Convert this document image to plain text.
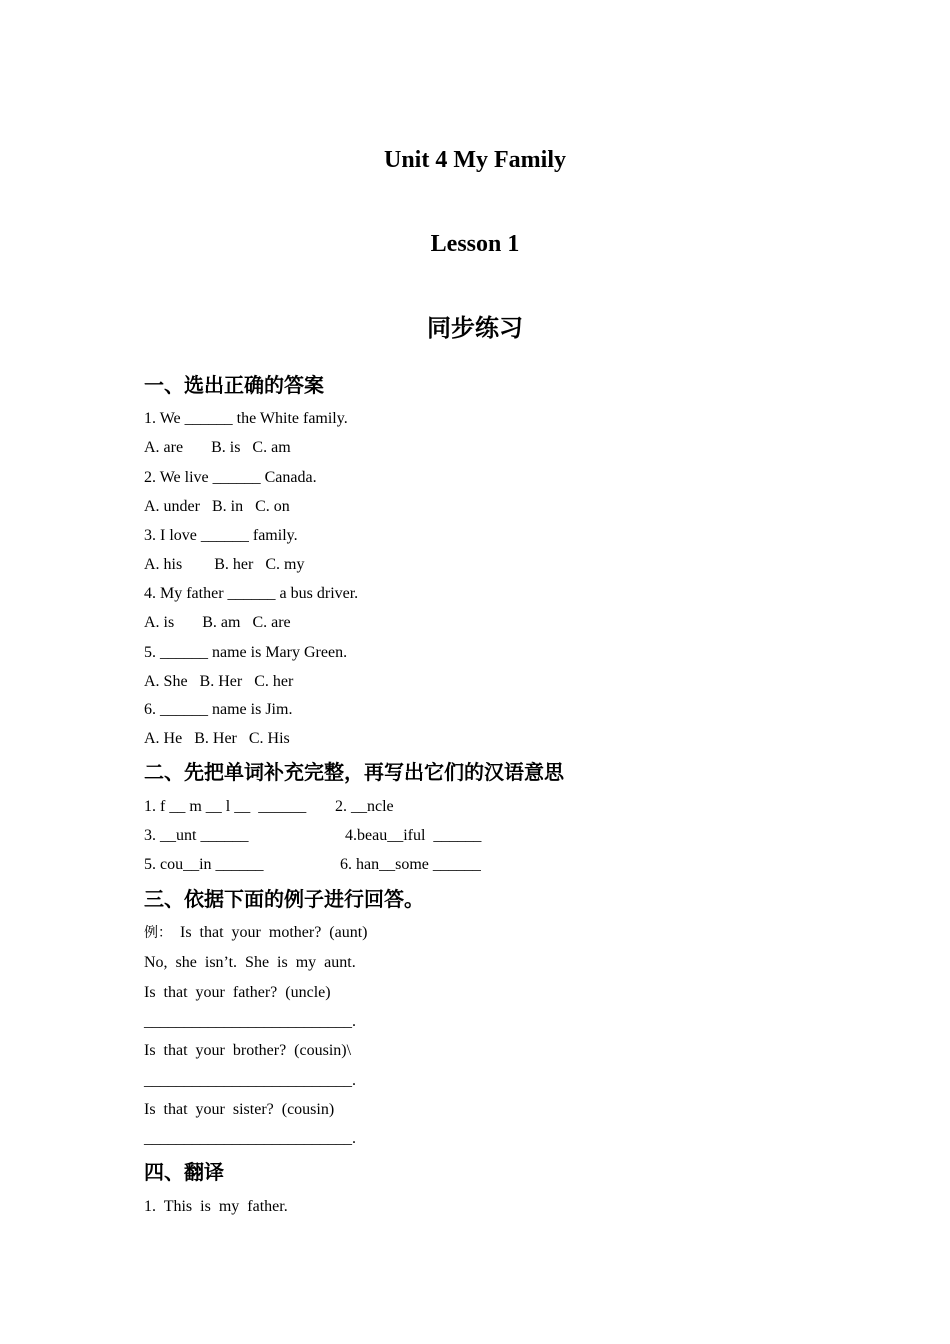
Unit 4 My Family
Lesson 1
同步练习
一、选出正确的答案
1. We ______ the White family.
A. are       B. is   C. am
2. We live ______ Canada.
A. under   B. in   C. on
3. I love ______ family.
A. his        B. her   C. my
4. My father ______ a bus driver.
A. is       B. am   C. are
5. ______ name is Mary Green.
A. She   B. Her   C. her
6. ______ name is Jim.
A. He   B. Her   C. His
二、先把单词补充完整，再写出它们的汉语意思
1. f __ m __ l __  ______ 2. __ncle
3. __unt ______	4.beau__iful  ______
5. cou__in ______	6. han__some ______
三、依据下面的例子进行回答。
例： Is  that  your  mother?  (aunt)
No,  she  isn’t.  She  is  my  aunt.
Is  that  your  father?  (uncle)
__________________________.
Is  that  your  brother?  (cousin)\
__________________________.
Is  that  your  sister?  (cousin)
__________________________.
四、翻译
1.  This  is  my  father.
